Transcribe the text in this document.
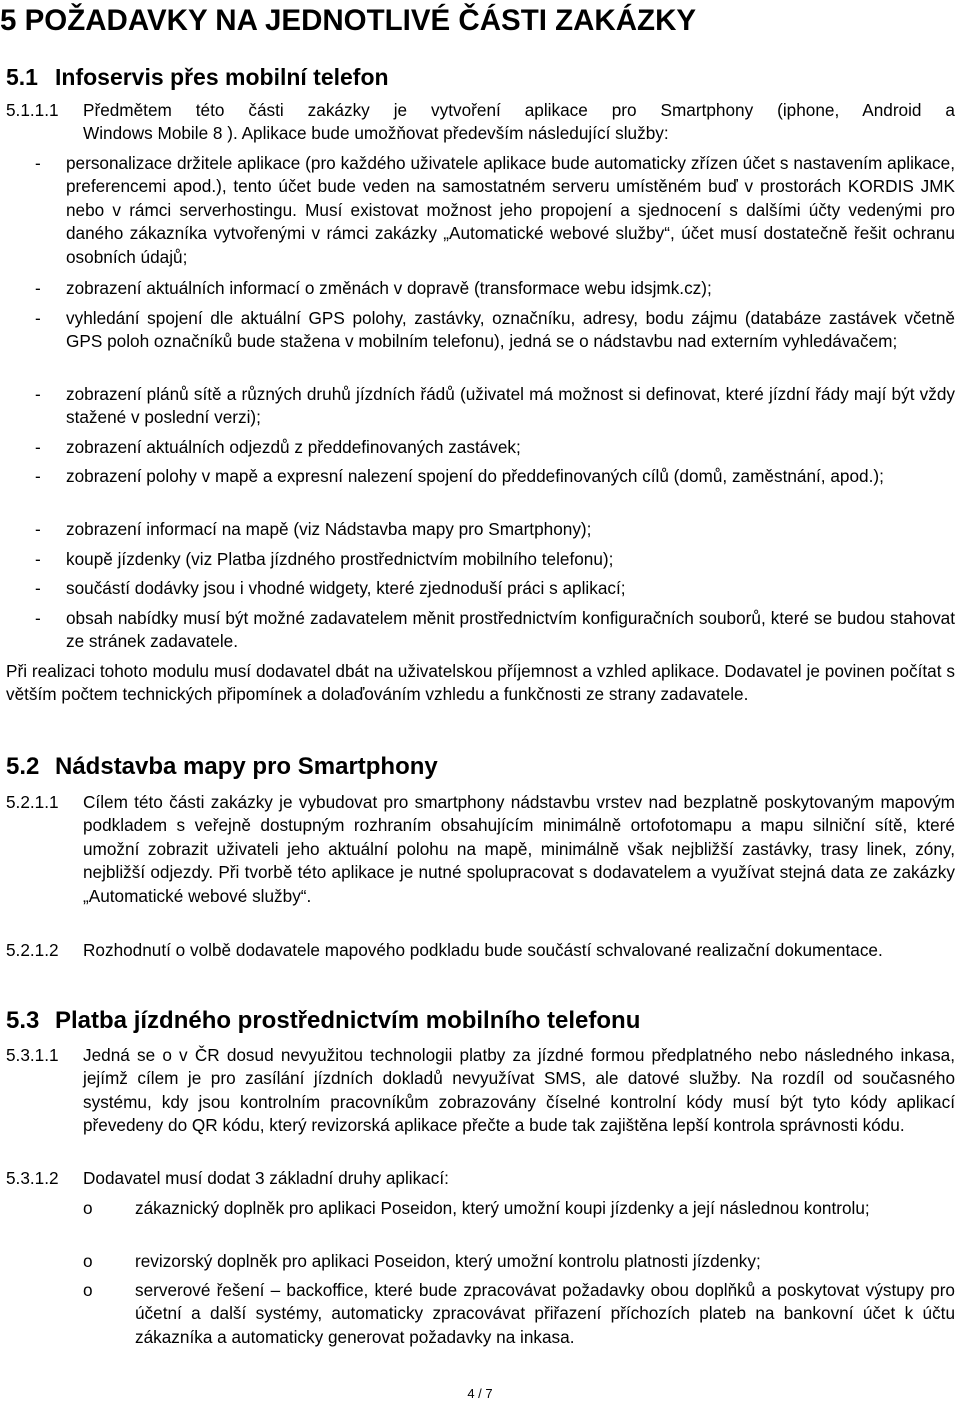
5 POŽADAVKY NA JEDNOTLIVÉ ČÁSTI ZAKÁZKY
5.1 Infoservis přes mobilní telefon
5.1.1.1 Předmětem této části zakázky je vytvoření aplikace pro Smartphony (iphone, Android a
Windows Mobile 8 ). Aplikace bude umožňovat především následující služby:
- personalizace držitele aplikace (pro každého uživatele aplikace bude automaticky zřízen účet s nastavením aplikace, preferencemi apod.), tento účet bude veden na samostatném serveru umístěném buď v prostorách KORDIS JMK nebo v rámci serverhostingu. Musí existovat možnost jeho propojení a sjednocení s dalšími účty vedenými pro daného zákazníka vytvořenými v rámci zakázky „Automatické webové služby“, účet musí dostatečně řešit ochranu osobních údajů;
- zobrazení aktuálních informací o změnách v dopravě (transformace webu idsjmk.cz);
- vyhledání spojení dle aktuální GPS polohy, zastávky, označníku, adresy, bodu zájmu (databáze zastávek včetně GPS poloh označníků bude stažena v mobilním telefonu), jedná se o nádstavbu nad externím vyhledávačem;
- zobrazení plánů sítě a různých druhů jízdních řádů (uživatel má možnost si definovat, které jízdní řády mají být vždy stažené v poslední verzi);
- zobrazení aktuálních odjezdů z předdefinovaných zastávek;
- zobrazení polohy v mapě a expresní nalezení spojení do předdefinovaných cílů (domů, zaměstnání, apod.);
- zobrazení informací na mapě (viz Nádstavba mapy pro Smartphony);
- koupě jízdenky (viz Platba jízdného prostřednictvím mobilního telefonu);
- součástí dodávky jsou i vhodné widgety, které zjednoduší práci s aplikací;
- obsah nabídky musí být možné zadavatelem měnit prostřednictvím konfiguračních souborů, které se budou stahovat ze stránek zadavatele.
Při realizaci tohoto modulu musí dodavatel dbát na uživatelskou příjemnost a vzhled aplikace. Dodavatel je povinen počítat s větším počtem technických připomínek a dolaďováním vzhledu a funkčnosti ze strany zadavatele.
5.2 Nádstavba mapy pro Smartphony
5.2.1.1 Cílem této části zakázky je vybudovat pro smartphony nádstavbu vrstev nad bezplatně poskytovaným mapovým podkladem s veřejně dostupným rozhraním obsahujícím minimálně ortofotomapu a mapu silniční sítě, které umožní zobrazit uživateli jeho aktuální polohu na mapě, minimálně však nejbližší zastávky, trasy linek, zóny, nejbližší odjezdy. Při tvorbě této aplikace je nutné spolupracovat s dodavatelem a využívat stejná data ze zakázky „Automatické webové služby“.
5.2.1.2 Rozhodnutí o volbě dodavatele mapového podkladu bude součástí schvalované realizační dokumentace.
5.3 Platba jízdného prostřednictvím mobilního telefonu
5.3.1.1 Jedná se o v ČR dosud nevyužitou technologii platby za jízdné formou předplatného nebo následného inkasa, jejímž cílem je pro zasílání jízdních dokladů nevyužívat SMS, ale datové služby. Na rozdíl od současného systému, kdy jsou kontrolním pracovníkům zobrazovány číselné kontrolní kódy musí být tyto kódy aplikací převedeny do QR kódu, který revizorská aplikace přečte a bude tak zajištěna lepší kontrola správnosti kódu.
5.3.1.2 Dodavatel musí dodat 3 základní druhy aplikací:
o zákaznický doplněk pro aplikaci Poseidon, který umožní koupi jízdenky a její následnou kontrolu;
o revizorský doplněk pro aplikaci Poseidon, který umožní kontrolu platnosti jízdenky;
o serverové řešení – backoffice, které bude zpracovávat požadavky obou doplňků a poskytovat výstupy pro účetní a další systémy, automaticky zpracovávat přiřazení příchozích plateb na bankovní účet k účtu zákazníka a automaticky generovat požadavky na inkasa.
4 / 7
